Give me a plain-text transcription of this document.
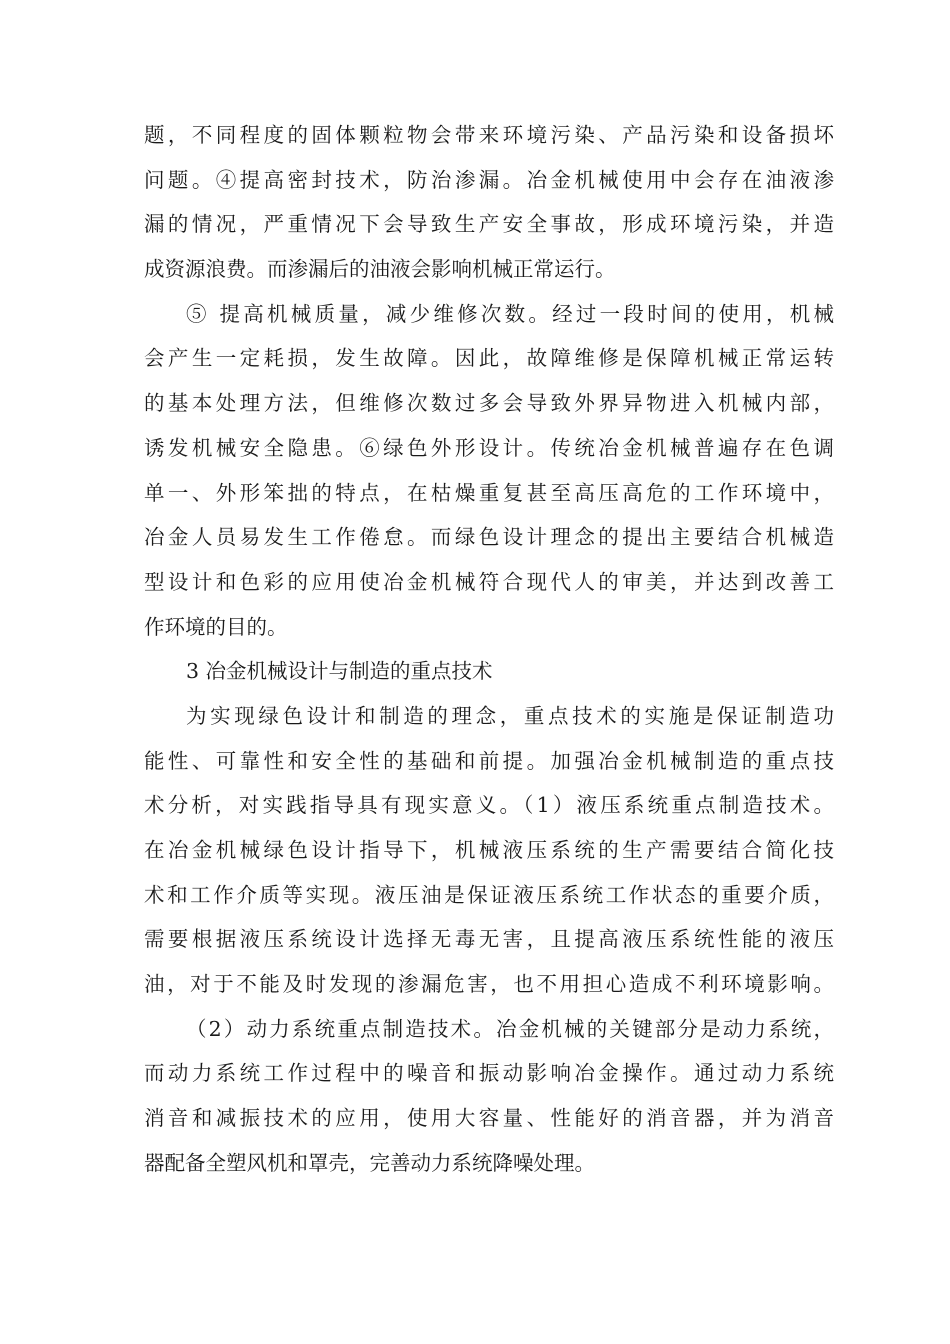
题，不同程度的固体颗粒物会带来环境污染、产品污染和设备损坏
问题。④提高密封技术，防治渗漏。冶金机械使用中会存在油液渗
漏的情况，严重情况下会导致生产安全事故，形成环境污染，并造
成资源浪费。而渗漏后的油液会影响机械正常运行。
⑤ 提高机械质量，减少维修次数。经过一段时间的使用，机械
会产生一定耗损，发生故障。因此，故障维修是保障机械正常运转
的基本处理方法，但维修次数过多会导致外界异物进入机械内部，
诱发机械安全隐患。⑥绿色外形设计。传统冶金机械普遍存在色调
单一、外形笨拙的特点，在枯燥重复甚至高压高危的工作环境中，
冶金人员易发生工作倦怠。而绿色设计理念的提出主要结合机械造
型设计和色彩的应用使冶金机械符合现代人的审美，并达到改善工
作环境的目的。
3 冶金机械设计与制造的重点技术
为实现绿色设计和制造的理念，重点技术的实施是保证制造功
能性、可靠性和安全性的基础和前提。加强冶金机械制造的重点技
术分析，对实践指导具有现实意义。（1）液压系统重点制造技术。
在冶金机械绿色设计指导下，机械液压系统的生产需要结合简化技
术和工作介质等实现。液压油是保证液压系统工作状态的重要介质，
需要根据液压系统设计选择无毒无害，且提高液压系统性能的液压
油，对于不能及时发现的渗漏危害，也不用担心造成不利环境影响。
（2）动力系统重点制造技术。冶金机械的关键部分是动力系统，
而动力系统工作过程中的噪音和振动影响冶金操作。通过动力系统
消音和减振技术的应用，使用大容量、性能好的消音器，并为消音
器配备全塑风机和罩壳，完善动力系统降噪处理。
